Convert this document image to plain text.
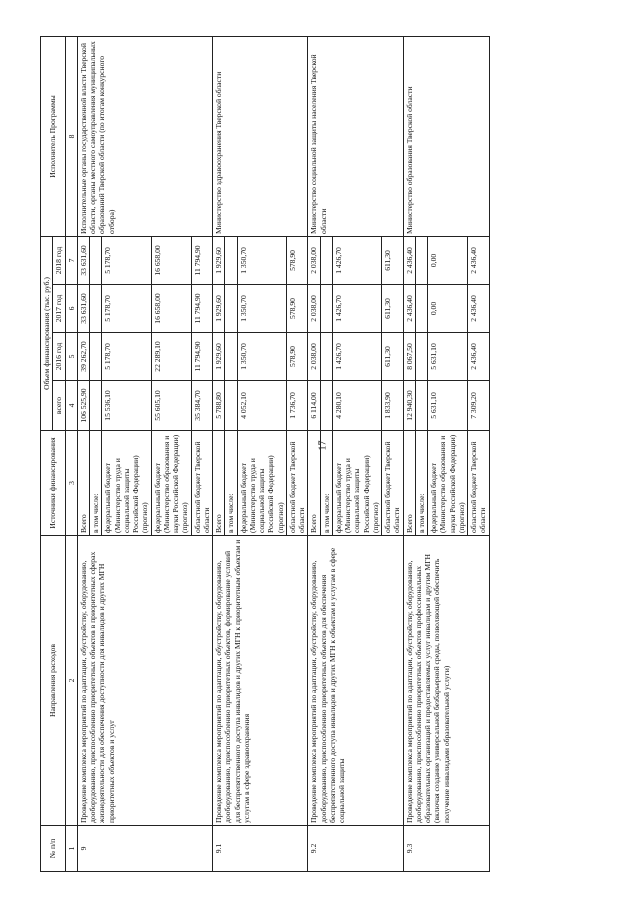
17
№ п/п	Направления расходов	Источники финансирования	Объем финансирования (тыс. руб.)				Исполнитель Программы
			всего	2016 год	2017 год	2018 год	
1	2	3	4	5	6	7	8
9	Проведение комплекса мероприятий по адаптации, обустройству, оборудованию, дооборудованию, приспособлению приоритетных объектов в приоритетных сферах жизнедеятельности для обеспечения доступности для инвалидов и других МГН приоритетных объектов и услуг	Всего	106 525,90	39 262,70	33 631,60	33 631,60	Исполнительные органы государственной власти Тверской области, органы местного самоуправления муниципальных образований Тверской области (по итогам конкурсного отбора)
		в том числе:					
		федеральный бюджет (Министерство труда и социальной защиты Российской Федерации) (прогноз)	15 536,10	5 178,70	5 178,70	5 178,70	
		федеральный бюджет (Министерство образования и науки Российской Федерации) (прогноз)	55 605,10	22 289,10	16 658,00	16 658,00	
		областной бюджет Тверской области	35 384,70	11 794,90	11 794,90	11 794,90	
9.1	Проведение комплекса мероприятий по адаптации, обустройству, оборудованию, дооборудованию, приспособлению приоритетных объектов, формирование условий для беспрепятственного доступа инвалидов и других МГН к приоритетным объектам и услугам в сфере здравоохранения	Всего	5 788,80	1 929,60	1 929,60	1 929,60	Министерство здравоохранения Тверской области
		в том числе:					
		федеральный бюджет (Министерство труда и социальной защиты Российской Федерации) (прогноз)	4 052,10	1 350,70	1 350,70	1 350,70	
		областной бюджет Тверской области	1 736,70	578,90	578,90	578,90	
9.2	Проведение комплекса мероприятий по адаптации, обустройству, оборудованию, дооборудованию, приспособлению приоритетных объектов для обеспечения беспрепятственного доступа инвалидов и других МГН к объектам и услугам в сфере социальной защиты	Всего	6 114,00	2 038,00	2 038,00	2 038,00	Министерство социальной защиты населения Тверской области
		в том числе:					
		федеральный бюджет (Министерство труда и социальной защиты Российской Федерации) (прогноз)	4 280,10	1 426,70	1 426,70	1 426,70	
		областной бюджет Тверской области	1 833,90	611,30	611,30	611,30	
9.3	Проведение комплекса мероприятий по адаптации, обустройству, оборудованию, дооборудованию, приспособлению приоритетных объектов профессиональных образовательных организаций и предоставляемых услуг инвалидам и другим МГН (включая создание универсальной безбарьерной среды, позволяющей обеспечить получение инвалидами образовательной услуги)	Всего	12 940,30	8 067,50	2 436,40	2 436,40	Министерство образования Тверской области
		в том числе:					
		федеральный бюджет (Министерство образования и науки Российской Федерации) (прогноз)	5 631,10	5 631,10	0,00	0,00	
		областной бюджет Тверской области	7 309,20	2 436,40	2 436,40	2 436,40	
